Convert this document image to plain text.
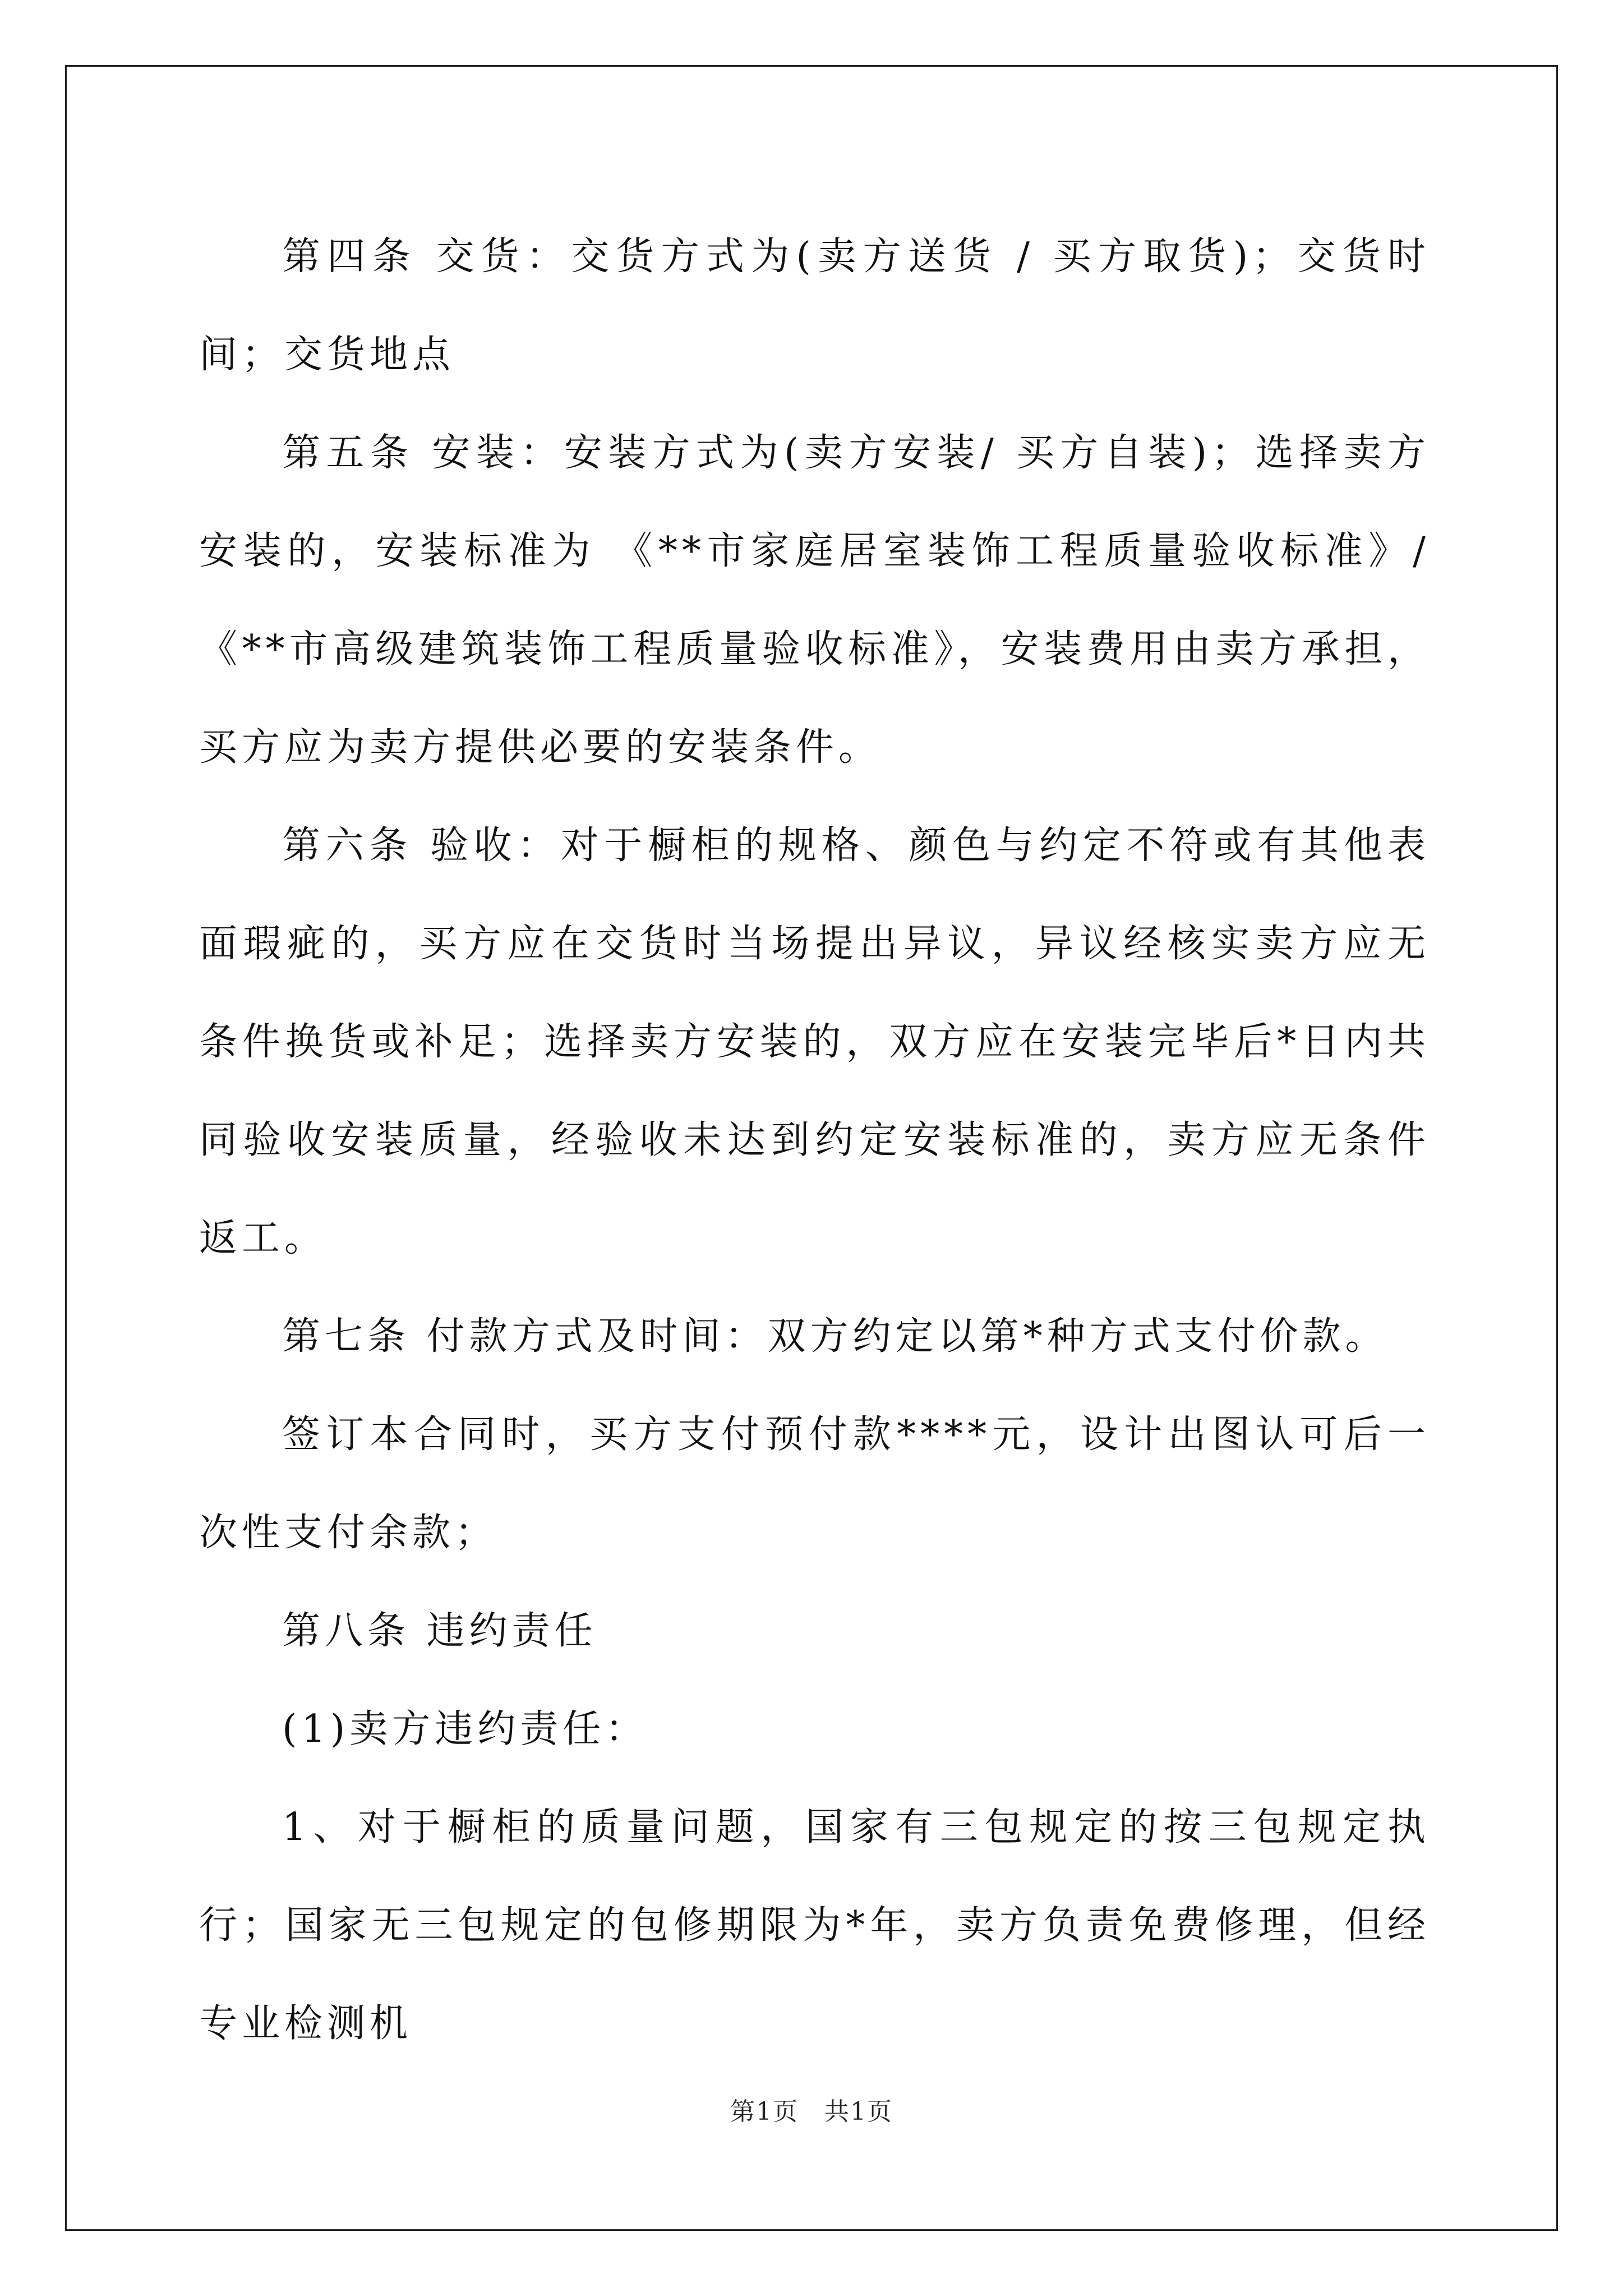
第四条 交货：交货方式为(卖方送货 / 买方取货)；交货时间；交货地点

第五条 安装：安装方式为(卖方安装/ 买方自装)；选择卖方安装的，安装标准为 《**市家庭居室装饰工程质量验收标准》/ 《**市高级建筑装饰工程质量验收标准》，安装费用由卖方承担，买方应为卖方提供必要的安装条件。

第六条 验收：对于橱柜的规格、颜色与约定不符或有其他表面瑕疵的，买方应在交货时当场提出异议，异议经核实卖方应无条件换货或补足；选择卖方安装的，双方应在安装完毕后*日内共同验收安装质量，经验收未达到约定安装标准的，卖方应无条件返工。

第七条 付款方式及时间：双方约定以第*种方式支付价款。

签订本合同时，买方支付预付款****元，设计出图认可后一次性支付余款；

第八条 违约责任

(1)卖方违约责任：

1、对于橱柜的质量问题，国家有三包规定的按三包规定执行；国家无三包规定的包修期限为*年，卖方负责免费修理，但经专业检测机

第1页　共1页
